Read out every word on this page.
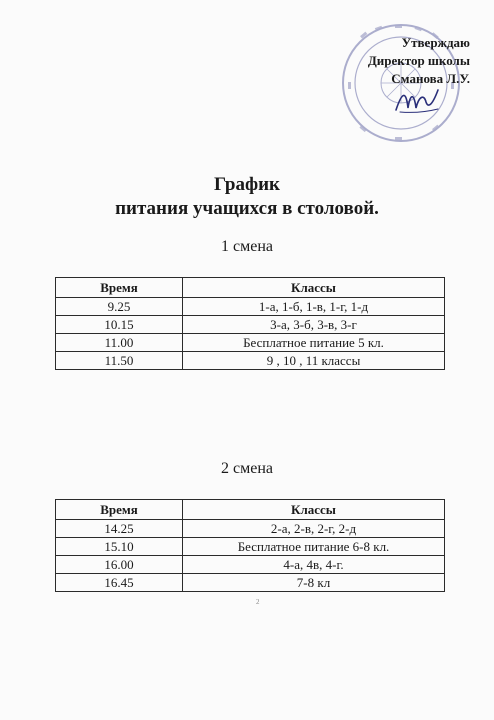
Утверждаю
Директор школы
Сманова Л.У.
График
питания учащихся в столовой.
1 смена
Время	Классы
9.25	1-а, 1-б, 1-в, 1-г, 1-д
10.15	3-а, 3-б, 3-в, 3-г
11.00	Бесплатное питание 5 кл.
11.50	9 , 10 , 11 классы
2 смена
Время	Классы
14.25	2-а, 2-в, 2-г, 2-д
15.10	Бесплатное питание 6-8 кл.
16.00	4-а, 4в, 4-г.
16.45	7-8 кл
2
